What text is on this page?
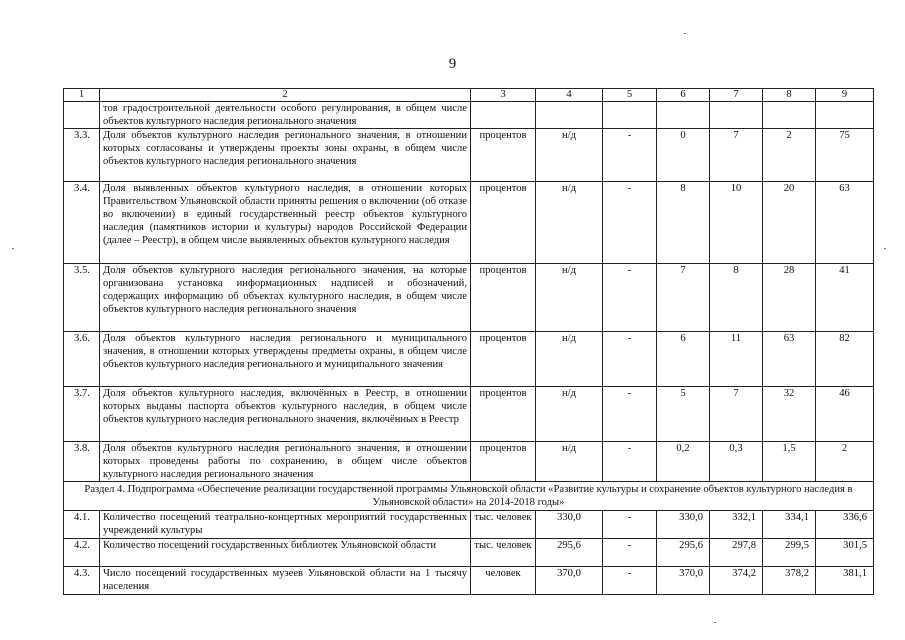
9
1	2	3	4	5	6	7	8	9
	тов градостроительной деятельности особого регулирования, в общем числе объектов культурного наследия регионального значения							
3.3.	Доля объектов культурного наследия регионального значения, в отношении которых согласованы и утверждены проекты зоны охраны, в общем числе объектов культурного наследия регионального значения	процентов	н/д	-	0	7	2	75
3.4.	Доля выявленных объектов культурного наследия, в отношении которых Правительством Ульяновской области приняты решения о включении (об отказе во включении) в единый государственный реестр объектов культурного наследия (памятников истории и культуры) народов Российской Федерации (далее – Реестр), в общем числе выявленных объектов культурного наследия	процентов	н/д	-	8	10	20	63
3.5.	Доля объектов культурного наследия регионального значения, на которые организована установка информационных надписей и обозначений, содержащих информацию об объектах культурного наследия, в общем числе объектов культурного наследия регионального значения	процентов	н/д	-	7	8	28	41
3.6.	Доля объектов культурного наследия регионального и муниципального значения, в отношении которых утверждены предметы охраны, в общем числе объектов культурного наследия регионального и муниципального значения	процентов	н/д	-	6	11	63	82
3.7.	Доля объектов культурного наследия, включённых в Реестр, в отношении которых выданы паспорта объектов культурного наследия, в общем числе объектов культурного наследия регионального значения, включённых в Реестр	процентов	н/д	-	5	7	32	46
3.8.	Доля объектов культурного наследия регионального значения, в отношении которых проведены работы по сохранению, в общем числе объектов культурного наследия регионального значения	процентов	н/д	-	0,2	0,3	1,5	2
Раздел 4. Подпрограмма «Обеспечение реализации государственной программы Ульяновской области «Развитие культуры и сохранение объектов культурного наследия в Ульяновской области» на 2014-2018 годы»								
4.1.	Количество посещений театрально-концертных мероприятий государственных учреждений культуры	тыс. человек	330,0	-	330,0	332,1	334,1	336,6
4.2.	Количество посещений государственных библиотек Ульяновской области	тыс. человек	295,6	-	295,6	297,8	299,5	301,5
4.3.	Число посещений государственных музеев Ульяновской области на 1 тысячу населения	человек	370,0	-	370,0	374,2	378,2	381,1
